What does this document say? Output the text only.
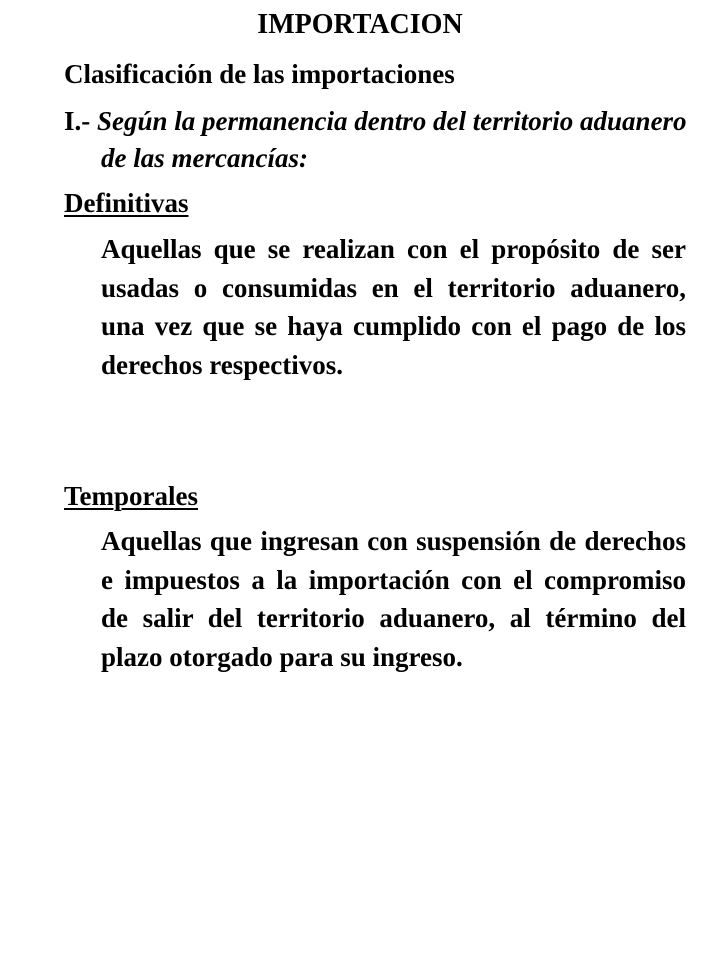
IMPORTACION

Clasificación de las importaciones

I.- Según la permanencia dentro del territorio aduanero de las mercancías:

Definitivas

Aquellas que se realizan con el propósito de ser usadas o consumidas en el territorio aduanero, una vez que se haya cumplido con el pago de los derechos respectivos.

Temporales

Aquellas que ingresan con suspensión de derechos e impuestos a la importación con el compromiso de salir del territorio aduanero, al término del plazo otorgado para su ingreso.
